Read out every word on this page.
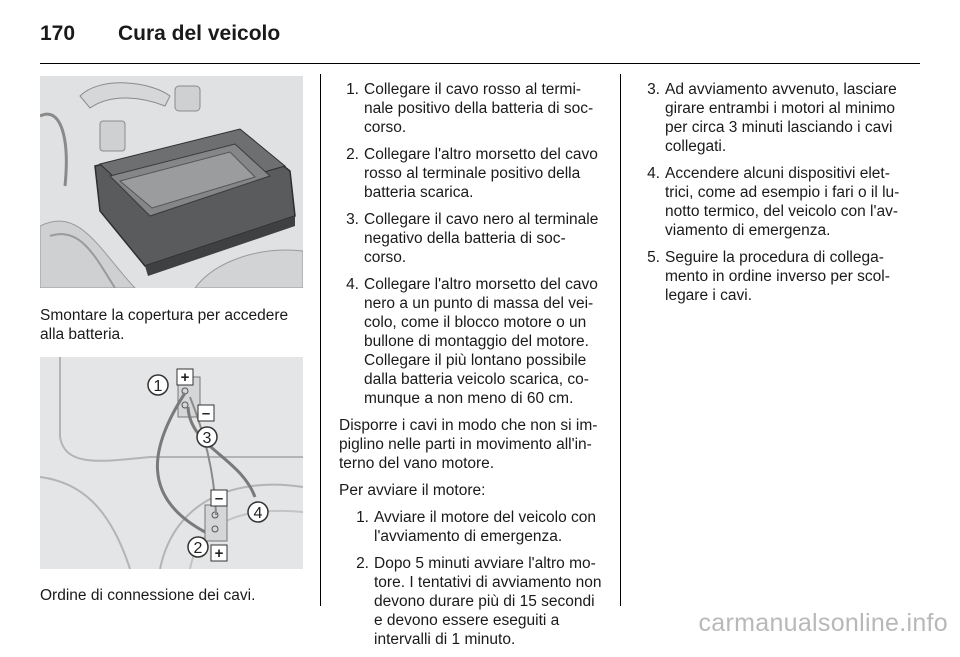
170	Cura del veicolo

Smontare la copertura per accedere alla batteria.

1
3
4
2
+
–
–
+

Ordine di connessione dei cavi.

1. Collegare il cavo rosso al termi-nale positivo della batteria di soc-corso.
2. Collegare l'altro morsetto del cavo rosso al terminale positivo della batteria scarica.
3. Collegare il cavo nero al terminale negativo della batteria di soc-corso.
4. Collegare l'altro morsetto del cavo nero a un punto di massa del vei-colo, come il blocco motore o un bullone di montaggio del motore. Collegare il più lontano possibile dalla batteria veicolo scarica, co-munque a non meno di 60 cm.

Disporre i cavi in modo che non si im-piglino nelle parti in movimento all'in-terno del vano motore.

Per avviare il motore:

1. Avviare il motore del veicolo con l'avviamento di emergenza.
2. Dopo 5 minuti avviare l'altro mo-tore. I tentativi di avviamento non devono durare più di 15 secondi e devono essere eseguiti a intervalli di 1 minuto.
3. Ad avviamento avvenuto, lasciare girare entrambi i motori al minimo per circa 3 minuti lasciando i cavi collegati.
4. Accendere alcuni dispositivi elet-trici, come ad esempio i fari o il lu-notto termico, del veicolo con l'av-viamento di emergenza.
5. Seguire la procedura di collega-mento in ordine inverso per scol-legare i cavi.
carmanualsonline.info
